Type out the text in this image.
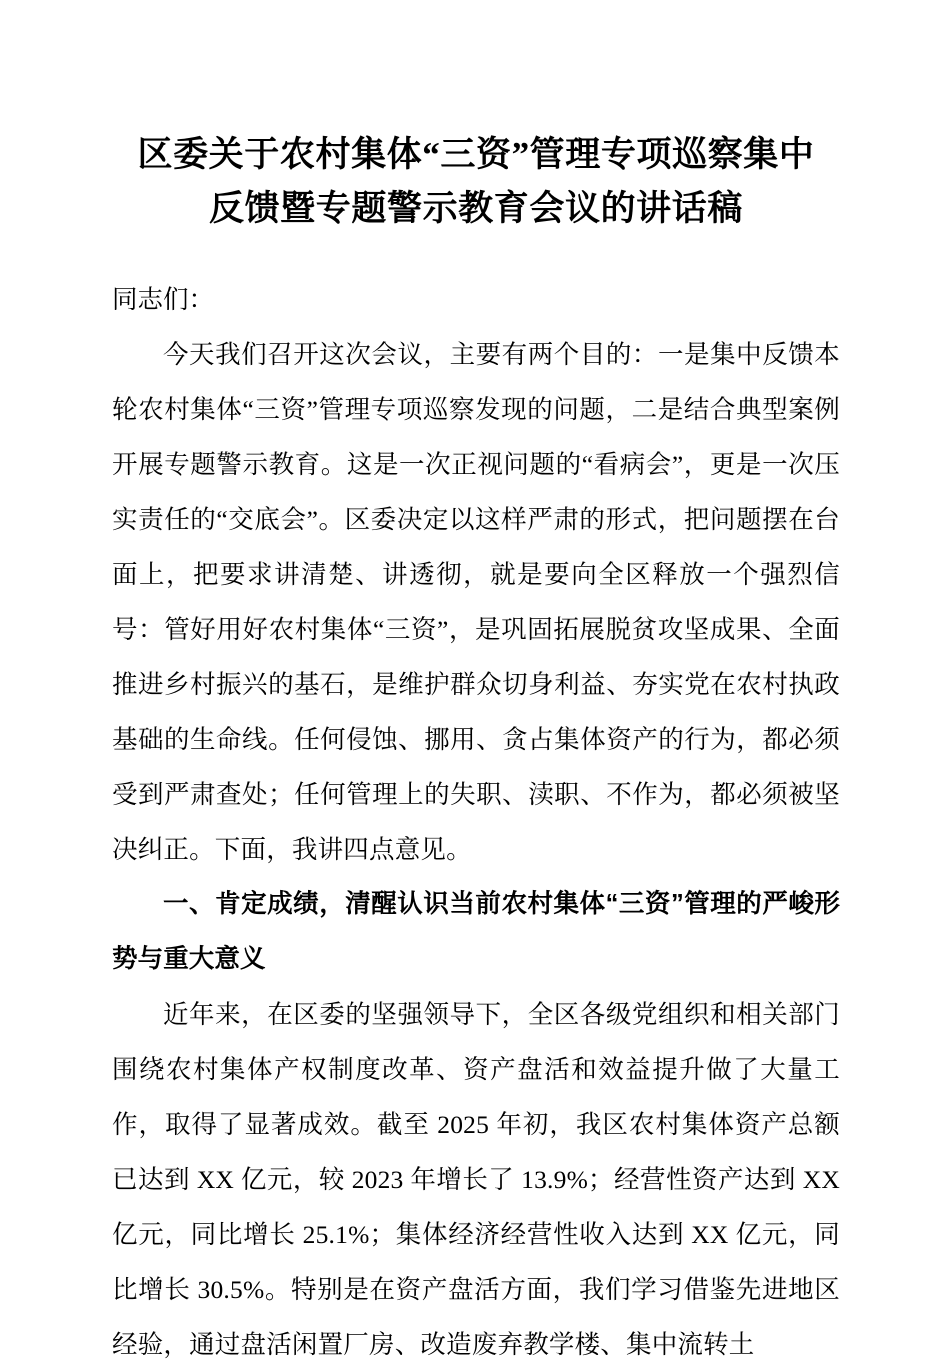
区委关于农村集体“三资”管理专项巡察集中
反馈暨专题警示教育会议的讲话稿

同志们：

今天我们召开这次会议，主要有两个目的：一是集中反馈本轮农村集体“三资”管理专项巡察发现的问题，二是结合典型案例开展专题警示教育。这是一次正视问题的“看病会”，更是一次压实责任的“交底会”。区委决定以这样严肃的形式，把问题摆在台面上，把要求讲清楚、讲透彻，就是要向全区释放一个强烈信号：管好用好农村集体“三资”，是巩固拓展脱贫攻坚成果、全面推进乡村振兴的基石，是维护群众切身利益、夯实党在农村执政基础的生命线。任何侵蚀、挪用、贪占集体资产的行为，都必须受到严肃查处；任何管理上的失职、渎职、不作为，都必须被坚决纠正。下面，我讲四点意见。

一、肯定成绩，清醒认识当前农村集体“三资”管理的严峻形势与重大意义

近年来，在区委的坚强领导下，全区各级党组织和相关部门围绕农村集体产权制度改革、资产盘活和效益提升做了大量工作，取得了显著成效。截至 2025 年初，我区农村集体资产总额已达到 XX 亿元，较 2023 年增长了 13.9%；经营性资产达到 XX 亿元，同比增长 25.1%；集体经济经营性收入达到 XX 亿元，同比增长 30.5%。特别是在资产盘活方面，我们学习借鉴先进地区经验，通过盘活闲置厂房、改造废弃教学楼、集中流转土
